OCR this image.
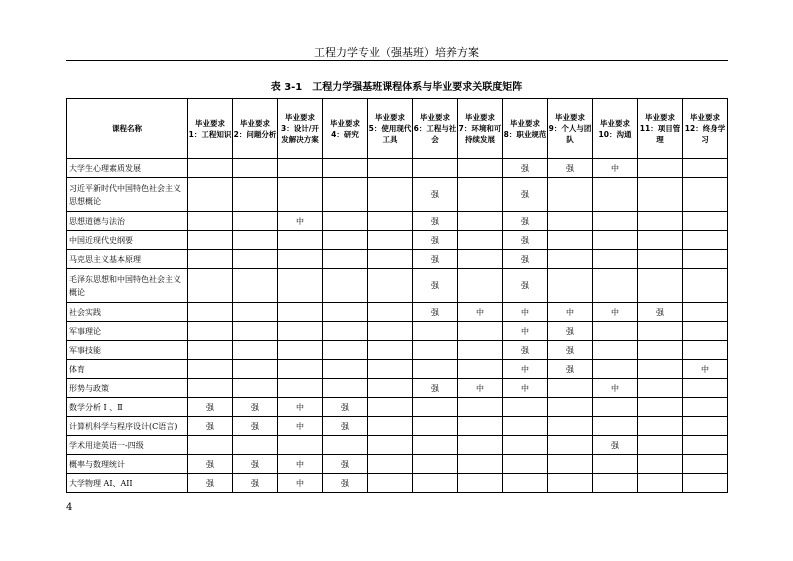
工程力学专业（强基班）培养方案
表 3-1　工程力学强基班课程体系与毕业要求关联度矩阵
课程名称	毕业要求 1：工程知识	毕业要求 2：问题分析	毕业要求 3：设计/开发解决方案	毕业要求 4：研究	毕业要求 5：使用现代工具	毕业要求 6：工程与社会	毕业要求 7：环境和可持续发展	毕业要求 8：职业规范	毕业要求 9：个人与团队	毕业要求 10：沟通	毕业要求 11：项目管理	毕业要求 12：终身学习
大学生心理素质发展								强	强	中		
习近平新时代中国特色社会主义思想概论						强		强				
思想道德与法治			中			强		强				
中国近现代史纲要						强		强				
马克思主义基本原理						强		强				
毛泽东思想和中国特色社会主义概论						强		强				
社会实践						强	中	中	中	中	强	
军事理论								中	强			
军事技能								强	强			
体育								中	强			中
形势与政策						强	中	中		中		
数学分析 Ⅰ 、Ⅱ	强	强	中	强								
计算机科学与程序设计(C语言)	强	强	中	强								
学术用途英语一-四级										强		
概率与数理统计	强	强	中	强								
大学物理 AI、AII	强	强	中	强								
4
